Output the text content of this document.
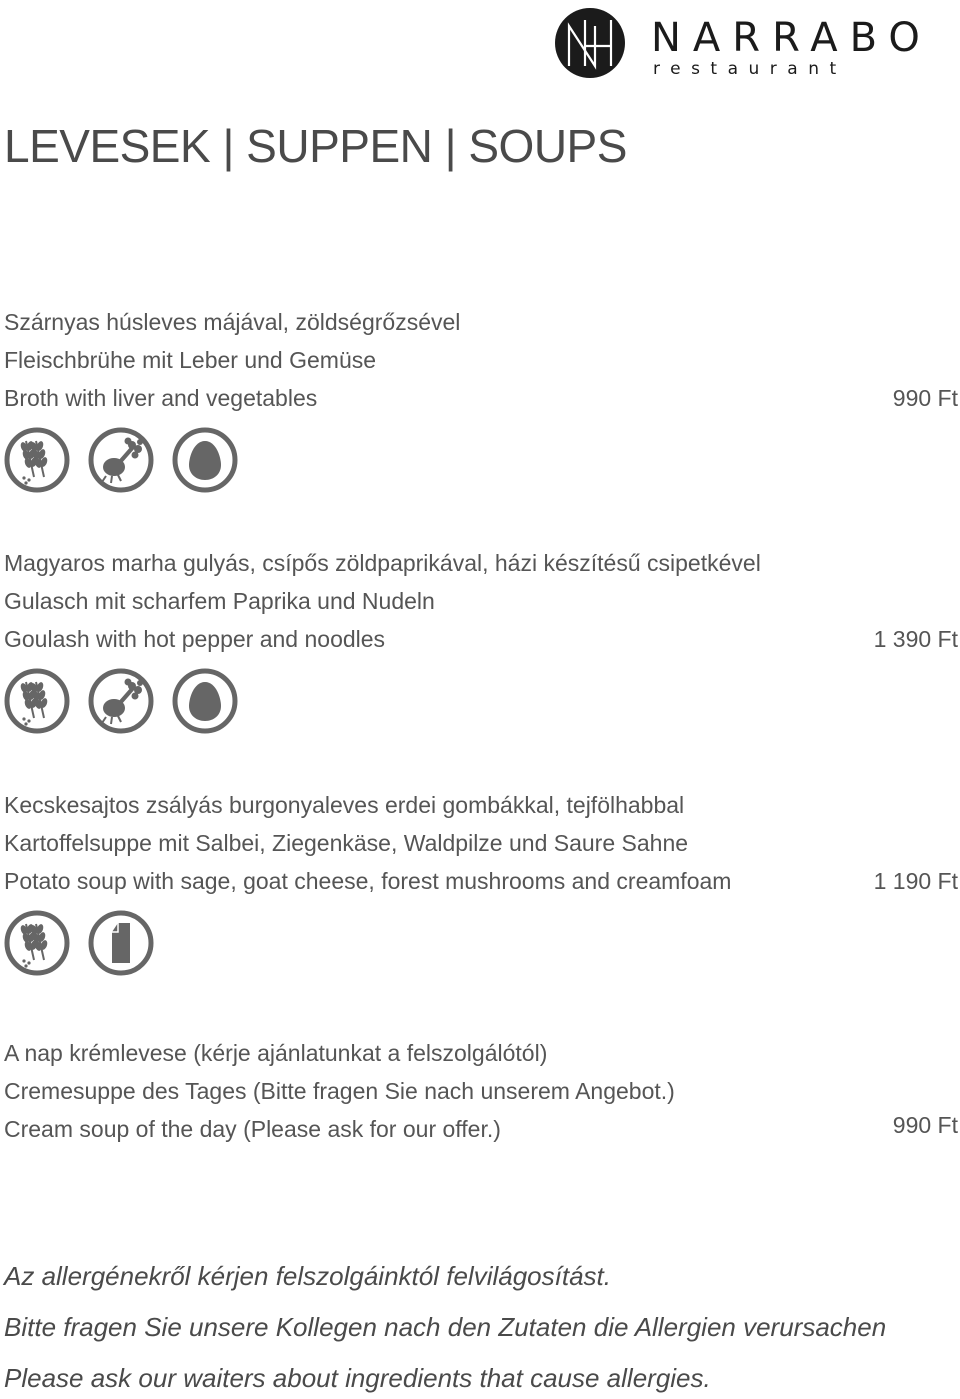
NARRABO
restaurant
LEVESEK | SUPPEN | SOUPS
Szárnyas húsleves májával, zöldségrőzsével
Fleischbrühe mit Leber und Gemüse
Broth with liver and vegetables	990 Ft
Magyaros marha gulyás, csípős zöldpaprikával, házi készítésű csipetkével
Gulasch mit scharfem Paprika und Nudeln
Goulash with hot pepper and noodles	1 390 Ft
Kecskesajtos zsályás burgonyaleves erdei gombákkal, tejfölhabbal
Kartoffelsuppe mit Salbei, Ziegenkäse, Waldpilze und Saure Sahne
Potato soup with sage, goat cheese, forest mushrooms and creamfoam	1 190 Ft
A nap krémlevese (kérje ajánlatunkat a felszolgálótól)
Cremesuppe des Tages (Bitte fragen Sie nach unserem Angebot.)
Cream soup of the day (Please ask for our offer.)	990 Ft
Az allergénekről kérjen felszolgáinktól felvilágosítást.
Bitte fragen Sie unsere Kollegen nach den Zutaten die Allergien verursachen
Please ask our waiters about ingredients that cause allergies.
